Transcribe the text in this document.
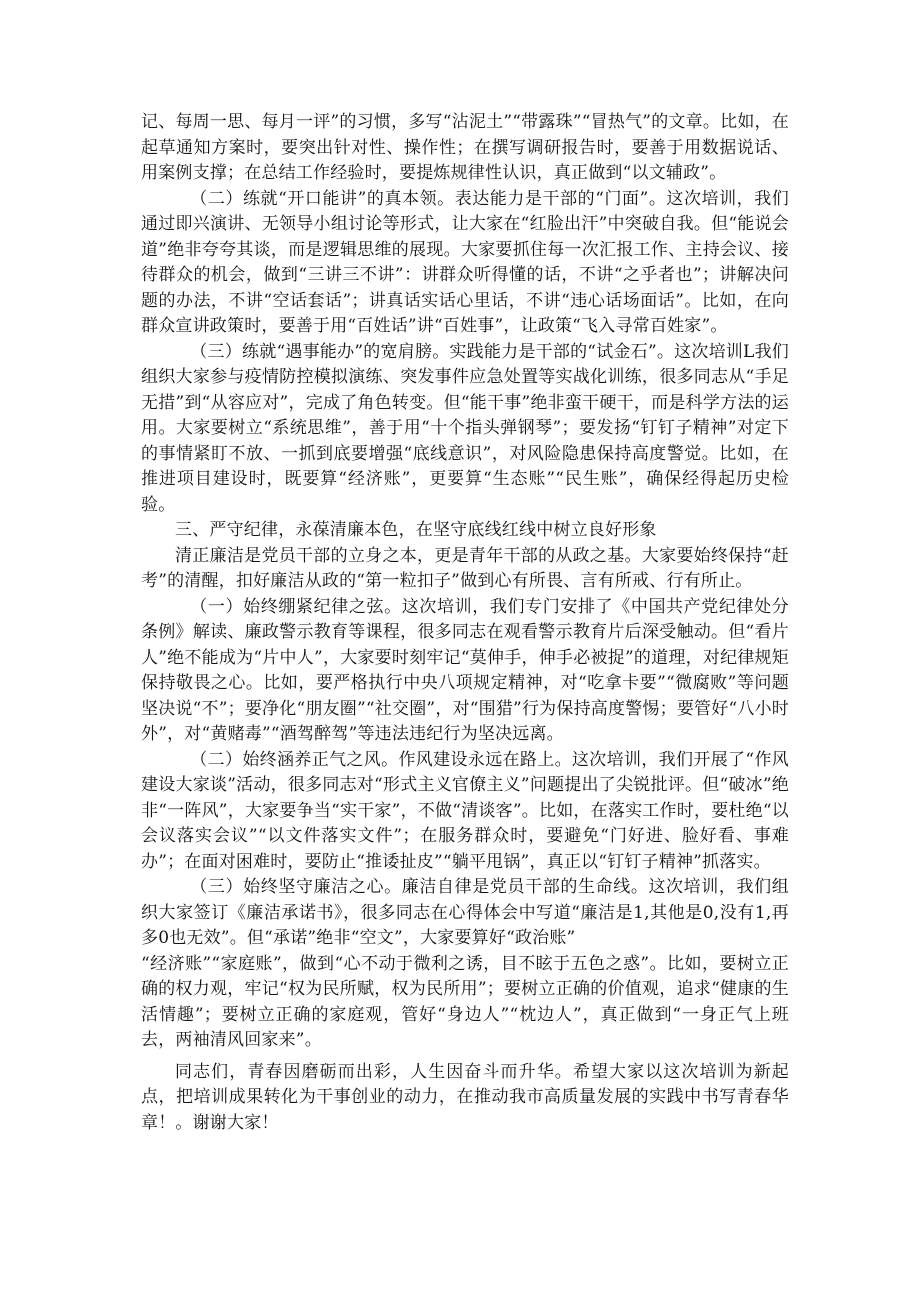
记、每周一思、每月一评”的习惯，多写“沾泥土”“带露珠”“冒热气”的文章。比如，在起草通知方案时，要突出针对性、操作性；在撰写调研报告时，要善于用数据说话、用案例支撑；在总结工作经验时，要提炼规律性认识，真正做到“以文辅政”。

（二）练就“开口能讲”的真本领。表达能力是干部的“门面”。这次培训，我们通过即兴演讲、无领导小组讨论等形式，让大家在“红脸出汗”中突破自我。但“能说会道”绝非夸夸其谈，而是逻辑思维的展现。大家要抓住每一次汇报工作、主持会议、接待群众的机会，做到“三讲三不讲”：讲群众听得懂的话，不讲“之乎者也”；讲解决问题的办法，不讲“空话套话”；讲真话实话心里话，不讲“违心话场面话”。比如，在向群众宣讲政策时，要善于用“百姓话”讲“百姓事”，让政策“飞入寻常百姓家”。

（三）练就“遇事能办”的宽肩膀。实践能力是干部的“试金石”。这次培训L我们组织大家参与疫情防控模拟演练、突发事件应急处置等实战化训练，很多同志从“手足无措”到“从容应对”，完成了角色转变。但“能干事”绝非蛮干硬干，而是科学方法的运用。大家要树立“系统思维”，善于用“十个指头弹钢琴”；要发扬“钉钉子精神”对定下的事情紧盯不放、一抓到底要增强“底线意识”，对风险隐患保持高度警觉。比如，在推进项目建设时，既要算“经济账”，更要算“生态账”“民生账”，确保经得起历史检验。

三、严守纪律，永葆清廉本色，在坚守底线红线中树立良好形象

清正廉洁是党员干部的立身之本，更是青年干部的从政之基。大家要始终保持“赶考”的清醒，扣好廉洁从政的“第一粒扣子”做到心有所畏、言有所戒、行有所止。

（一）始终绷紧纪律之弦。这次培训，我们专门安排了《中国共产党纪律处分条例》解读、廉政警示教育等课程，很多同志在观看警示教育片后深受触动。但“看片人”绝不能成为“片中人”，大家要时刻牢记“莫伸手，伸手必被捉”的道理，对纪律规矩保持敬畏之心。比如，要严格执行中央八项规定精神，对“吃拿卡要”“微腐败”等问题坚决说“不”；要净化“朋友圈”“社交圈”，对“围猎”行为保持高度警惕；要管好“八小时外”，对“黄赌毒”“酒驾醉驾”等违法违纪行为坚决远离。

（二）始终涵养正气之风。作风建设永远在路上。这次培训，我们开展了“作风建设大家谈”活动，很多同志对“形式主义官僚主义”问题提出了尖锐批评。但“破冰”绝非“一阵风”，大家要争当“实干家”，不做“清谈客”。比如，在落实工作时，要杜绝“以会议落实会议”“以文件落实文件”；在服务群众时，要避免“门好进、脸好看、事难办”；在面对困难时，要防止“推诿扯皮”“躺平甩锅”，真正以“钉钉子精神”抓落实。

（三）始终坚守廉洁之心。廉洁自律是党员干部的生命线。这次培训，我们组织大家签订《廉洁承诺书》，很多同志在心得体会中写道“廉洁是1,其他是0,没有1,再多0也无效”。但“承诺”绝非“空文”，大家要算好“政治账”

“经济账”“家庭账”，做到“心不动于微利之诱，目不眩于五色之惑”。比如，要树立正确的权力观，牢记“权为民所赋，权为民所用”；要树立正确的价值观，追求“健康的生活情趣”；要树立正确的家庭观，管好“身边人”“枕边人”，真正做到“一身正气上班去，两袖清风回家来”。

同志们，青春因磨砺而出彩，人生因奋斗而升华。希望大家以这次培训为新起点，把培训成果转化为干事创业的动力，在推动我市高质量发展的实践中书写青春华章！。谢谢大家！
